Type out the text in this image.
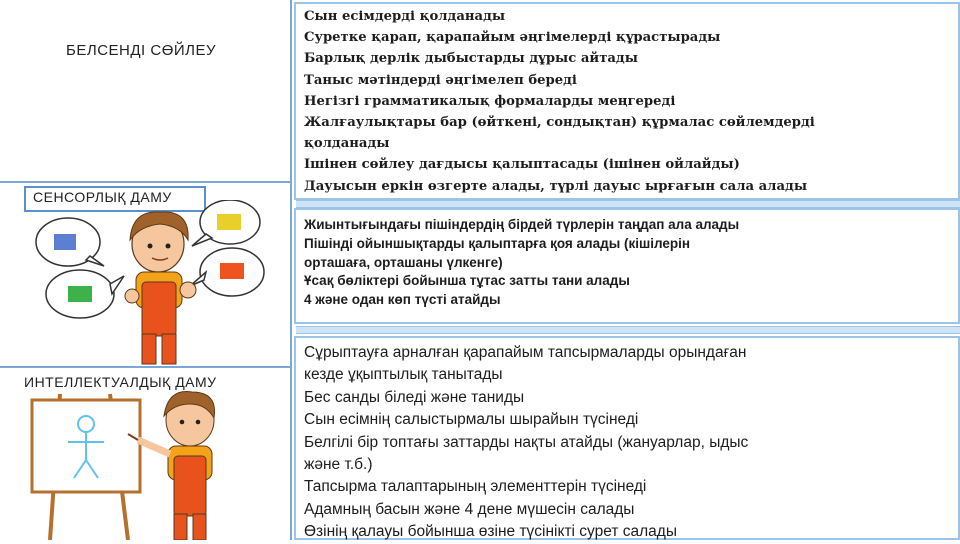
БЕЛСЕНДІ СӨЙЛЕУ
СЕНСОРЛЫҚ ДАМУ
ИНТЕЛЛЕКТУАЛДЫҚ ДАМУ
Сын есімдерді қолданады
Суретке қарап, қарапайым әңгімелерді құрастырады
Барлық дерлік дыбыстарды дұрыс айтады
Таныс мәтіндерді әңгімелеп береді
Негізгі грамматикалық формаларды меңгереді
Жалғаулықтары бар (өйткені, сондықтан) құрмалас сөйлемдерді
қолданады
Ішінен сөйлеу дағдысы қалыптасады (ішінен ойлайды)
Дауысын еркін өзгерте алады, түрлі дауыс ырғағын сала алады
Жиынтығындағы пішіндердің бірдей түрлерін таңдап ала алады
Пішінді ойыншықтарды қалыптарға қоя алады (кішілерін
орташаға, орташаны үлкенге)
Ұсақ бөліктері бойынша тұтас затты тани алады
4 және одан көп түсті атайды
Сұрыптауға арналған қарапайым тапсырмаларды орындаған
кезде ұқыптылық танытады
Бес санды біледі және таниды
Сын есімнің салыстырмалы шырайын түсінеді
Белгілі бір топтағы заттарды нақты атайды (жануарлар, ыдыс
және т.б.)
Тапсырма талаптарының элементтерін түсінеді
Адамның басын және 4 дене мүшесін салады
Өзінің қалауы бойынша өзіне түсінікті сурет салады
